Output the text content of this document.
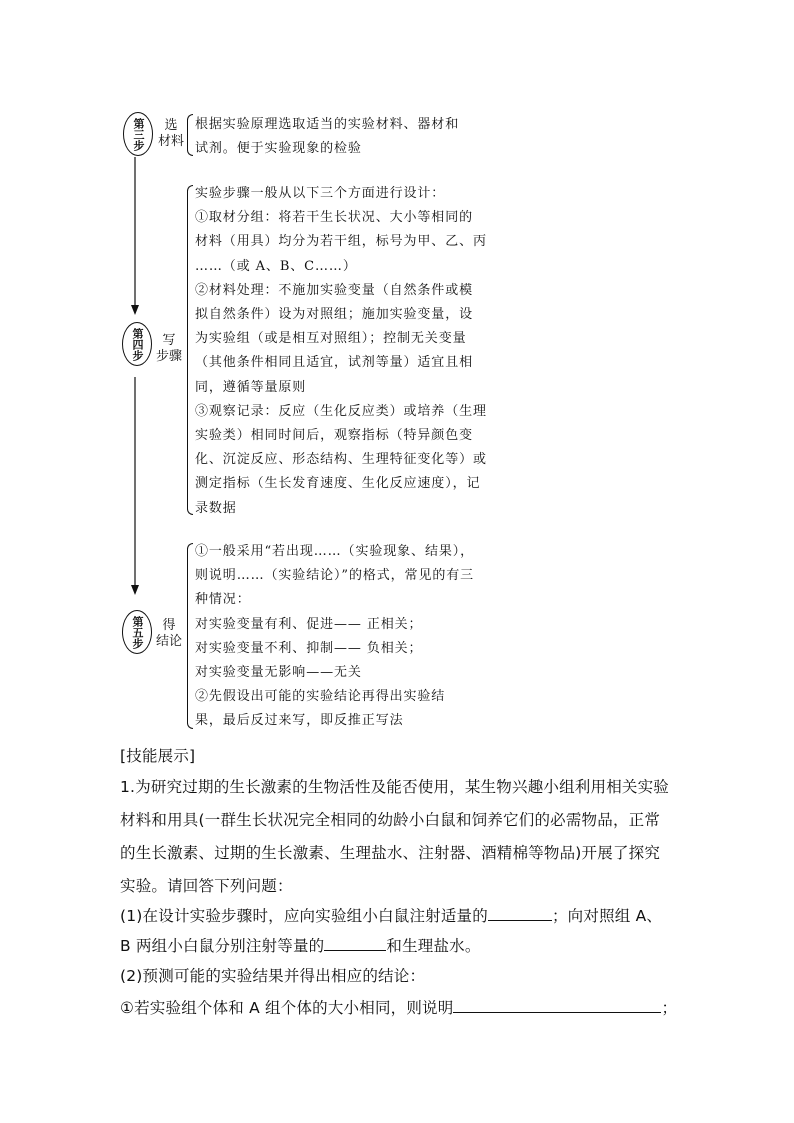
第三步	选
材料
根据实验原理选取适当的实验材料、器材和
试剂。便于实验现象的检验
第四步	写
步骤
实验步骤一般从以下三个方面进行设计：
①取材分组：将若干生长状况、大小等相同的
材料（用具）均分为若干组，标号为甲、乙、丙
……（或 A、B、C……）
②材料处理：不施加实验变量（自然条件或模
拟自然条件）设为对照组；施加实验变量，设
为实验组（或是相互对照组）；控制无关变量
（其他条件相同且适宜，试剂等量）适宜且相
同，遵循等量原则
③观察记录：反应（生化反应类）或培养（生理
实验类）相同时间后，观察指标（特异颜色变
化、沉淀反应、形态结构、生理特征变化等）或
测定指标（生长发育速度、生化反应速度），记
录数据
第五步	得
结论
①一般采用“若出现……（实验现象、结果），
则说明……（实验结论）”的格式，常见的有三
种情况：
对实验变量有利、促进—— 正相关；
对实验变量不利、抑制—— 负相关；
对实验变量无影响——无关
②先假设出可能的实验结论再得出实验结
果，最后反过来写，即反推正写法
[技能展示]
1.为研究过期的生长激素的生物活性及能否使用，某生物兴趣小组利用相关实验
材料和用具(一群生长状况完全相同的幼龄小白鼠和饲养它们的必需物品，正常
的生长激素、过期的生长激素、生理盐水、注射器、酒精棉等物品)开展了探究
实验。请回答下列问题：
(1)在设计实验步骤时，应向实验组小白鼠注射适量的	；向对照组 A、
B 两组小白鼠分别注射等量的	和生理盐水。
(2)预测可能的实验结果并得出相应的结论：
①若实验组个体和 A 组个体的大小相同，则说明	；
